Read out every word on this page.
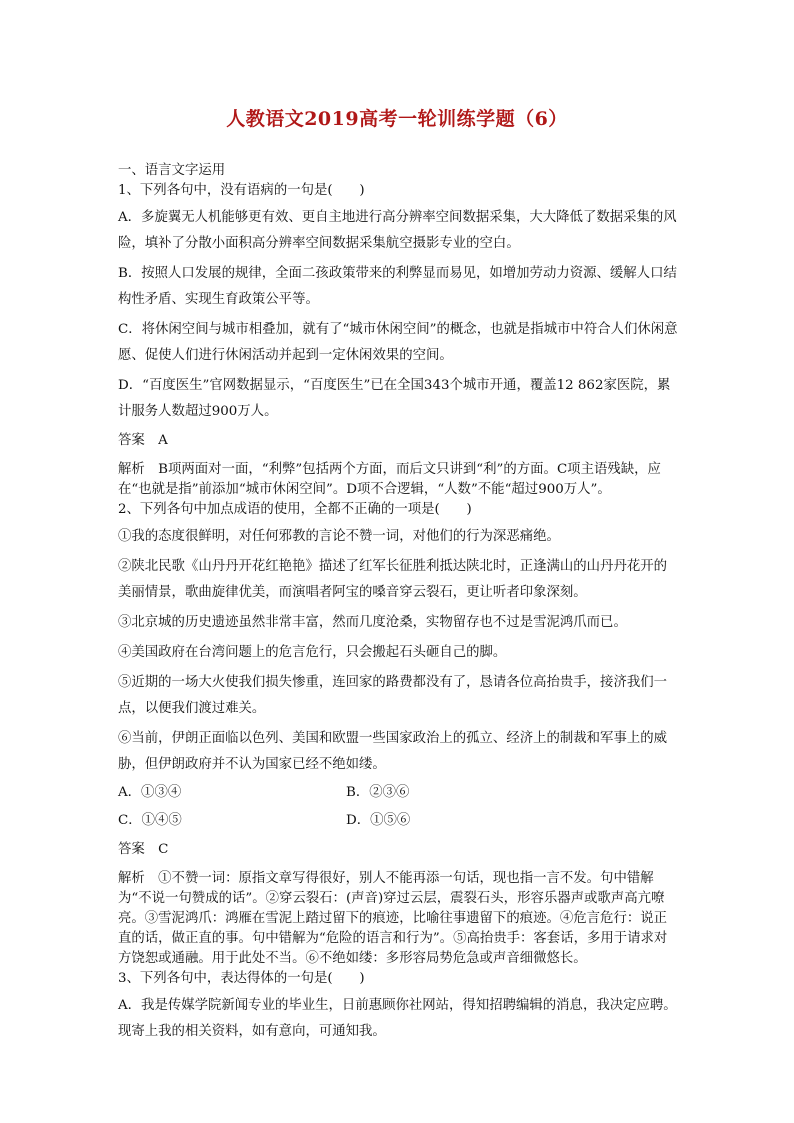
人教语文2019高考一轮训练学题（6）
一、语言文字运用
1、下列各句中，没有语病的一句是(　　)
A．多旋翼无人机能够更有效、更自主地进行高分辨率空间数据采集，大大降低了数据采集的风险，填补了分散小面积高分辨率空间数据采集航空摄影专业的空白。
B．按照人口发展的规律，全面二孩政策带来的利弊显而易见，如增加劳动力资源、缓解人口结构性矛盾、实现生育政策公平等。
C．将休闲空间与城市相叠加，就有了“城市休闲空间”的概念，也就是指城市中符合人们休闲意愿、促使人们进行休闲活动并起到一定休闲效果的空间。
D．“百度医生”官网数据显示，“百度医生”已在全国343个城市开通，覆盖12 862家医院，累计服务人数超过900万人。
答案　A
解析　B项两面对一面，“利弊”包括两个方面，而后文只讲到“利”的方面。C项主语残缺，应在“也就是指”前添加“城市休闲空间”。D项不合逻辑，“人数”不能“超过900万人”。
2、下列各句中加点成语的使用，全都不正确的一项是(　　)
①我的态度很鲜明，对任何邪教的言论不赞一词，对他们的行为深恶痛绝。
②陕北民歌《山丹丹开花红艳艳》描述了红军长征胜利抵达陕北时，正逢满山的山丹丹花开的美丽情景，歌曲旋律优美，而演唱者阿宝的嗓音穿云裂石，更让听者印象深刻。
③北京城的历史遗迹虽然非常丰富，然而几度沧桑，实物留存也不过是雪泥鸿爪而已。
④美国政府在台湾问题上的危言危行，只会搬起石头砸自己的脚。
⑤近期的一场大火使我们损失惨重，连回家的路费都没有了，恳请各位高抬贵手，接济我们一点，以便我们渡过难关。
⑥当前，伊朗正面临以色列、美国和欧盟一些国家政治上的孤立、经济上的制裁和军事上的威胁，但伊朗政府并不认为国家已经不绝如缕。
A．①③④	B．②③⑥
C．①④⑤	D．①⑤⑥
答案　C
解析　①不赞一词：原指文章写得很好，别人不能再添一句话，现也指一言不发。句中错解为“不说一句赞成的话”。②穿云裂石：(声音)穿过云层，震裂石头，形容乐器声或歌声高亢嘹亮。③雪泥鸿爪：鸿雁在雪泥上踏过留下的痕迹，比喻往事遗留下的痕迹。④危言危行：说正直的话，做正直的事。句中错解为“危险的语言和行为”。⑤高抬贵手：客套话，多用于请求对方饶恕或通融。用于此处不当。⑥不绝如缕：多形容局势危急或声音细微悠长。
3、下列各句中，表达得体的一句是(　　)
A．我是传媒学院新闻专业的毕业生，日前惠顾你社网站，得知招聘编辑的消息，我决定应聘。现寄上我的相关资料，如有意向，可通知我。
